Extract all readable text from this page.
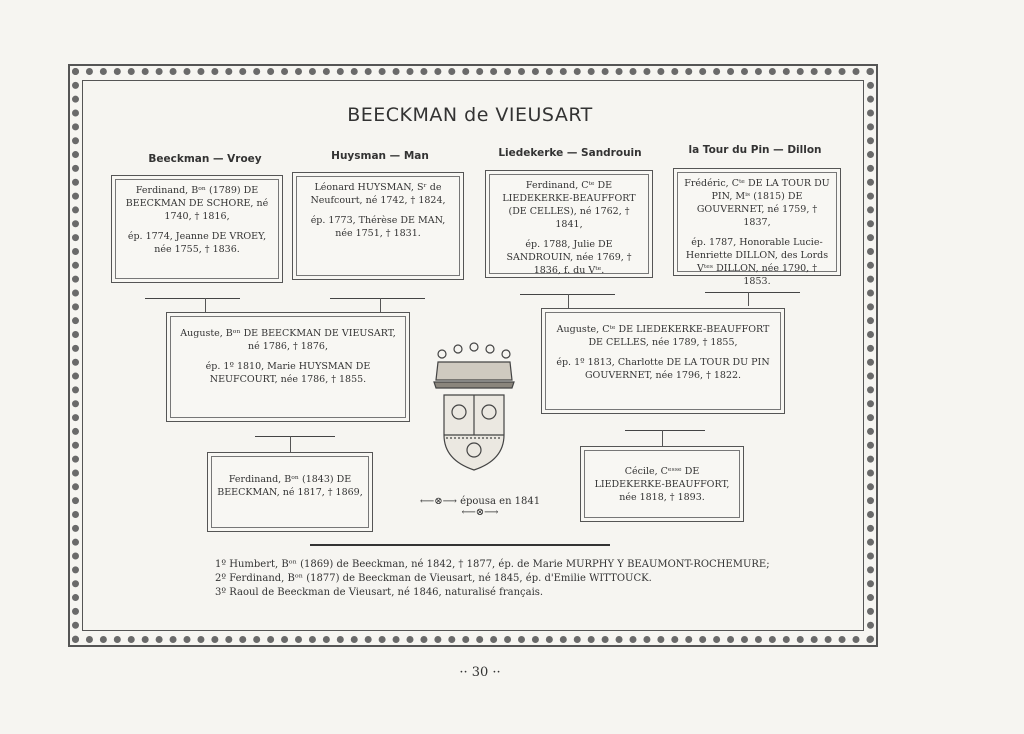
BEECKMAN de VIEUSART
Beeckman — Vroey	Huysman — Man	Liedekerke — Sandrouin	la Tour du Pin — Dillon

Ferdinand, Bᵒⁿ (1789) DE BEECKMAN DE SCHORE, né 1740, † 1816,

ép. 1774, Jeanne DE VROEY, née 1755, † 1836.

Léonard HUYSMAN, Sʳ de Neufcourt, né 1742, † 1824,

ép. 1773, Thérèse DE MAN, née 1751, † 1831.

Ferdinand, Cᵗᵉ DE LIEDEKERKE-BEAUFFORT (DE CELLES), né 1762, † 1841,

ép. 1788, Julie DE SANDROUIN, née 1769, † 1836, f. du Vᵗᵉ.

Frédéric, Cᵗᵉ DE LA TOUR DU PIN, Mⁱˢ (1815) DE GOUVERNET, né 1759, † 1837,

ép. 1787, Honorable Lucie-Henriette DILLON, des Lords Vᵗᵉˢ DILLON, née 1790, † 1853.

Auguste, Bᵒⁿ DE BEECKMAN DE VIEUSART, né 1786, † 1876,

ép. 1º 1810, Marie HUYSMAN DE NEUFCOURT, née 1786, † 1855.

Auguste, Cᵗᵉ DE LIEDEKERKE-BEAUFFORT DE CELLES, née 1789, † 1855,

ép. 1º 1813, Charlotte DE LA TOUR DU PIN GOUVERNET, née 1796, † 1822.

Ferdinand, Bᵒⁿ (1843) DE BEECKMAN, né 1817, † 1869,

Cécile, Cᵉˢˢᵉ DE LIEDEKERKE-BEAUFFORT, née 1818, † 1893.

⟵⊗⟶ épousa en 1841 ⟵⊗⟶

1º Humbert, Bᵒⁿ (1869) de Beeckman, né 1842, † 1877, ép. de Marie MURPHY Y BEAUMONT-ROCHEMURE;

2º Ferdinand, Bᵒⁿ (1877) de Beeckman de Vieusart, né 1845, ép. d'Emilie WITTOUCK.

3º Raoul de Beeckman de Vieusart, né 1846, naturalisé français.

·· 30 ··
